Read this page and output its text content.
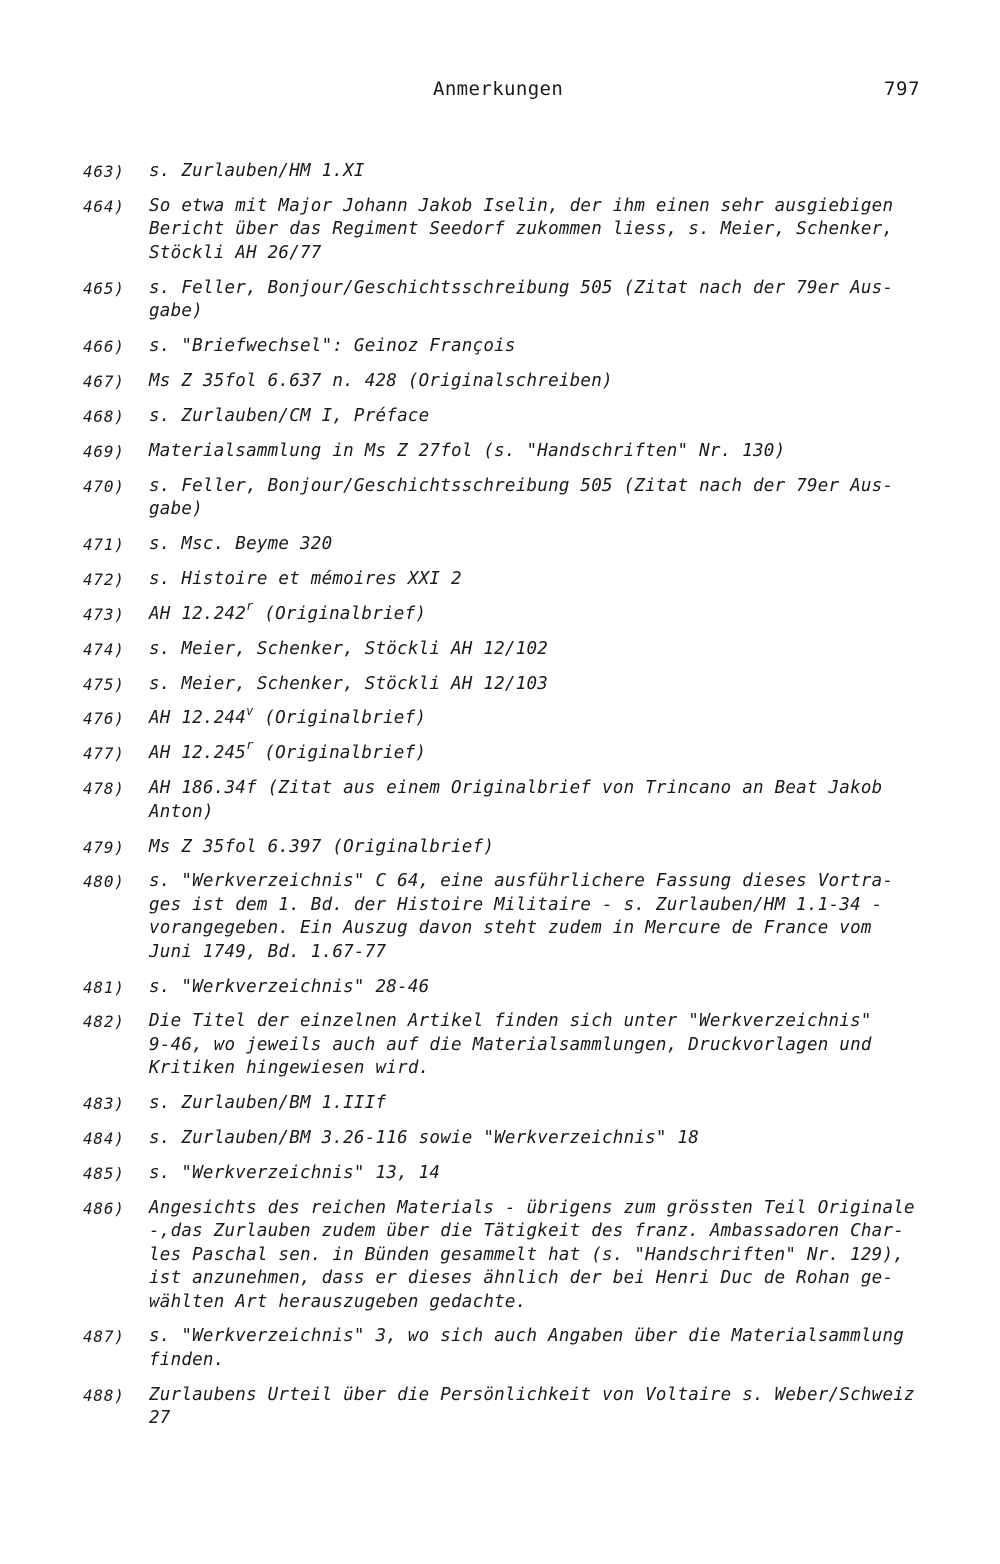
Anmerkungen	797
463)	s. Zurlauben/HM 1.XI
464)	So etwa mit Major Johann Jakob Iselin, der ihm einen sehr ausgiebigen
Bericht über das Regiment Seedorf zukommen liess, s. Meier, Schenker,
Stöckli AH 26/77
465)	s. Feller, Bonjour/Geschichtsschreibung 505 (Zitat nach der 79er Aus-
gabe)
466)	s. "Briefwechsel": Geinoz François
467)	Ms Z 35fol 6.637 n. 428 (Originalschreiben)
468)	s. Zurlauben/CM I, Préface
469)	Materialsammlung in Ms Z 27fol (s. "Handschriften" Nr. 130)
470)	s. Feller, Bonjour/Geschichtsschreibung 505 (Zitat nach der 79er Aus-
gabe)
471)	s. Msc. Beyme 320
472)	s. Histoire et mémoires XXI 2
473)	AH 12.242$^r$ (Originalbrief)
474)	s. Meier, Schenker, Stöckli AH 12/102
475)	s. Meier, Schenker, Stöckli AH 12/103
476)	AH 12.244$^v$ (Originalbrief)
477)	AH 12.245$^r$ (Originalbrief)
478)	AH 186.34f (Zitat aus einem Originalbrief von Trincano an Beat Jakob
Anton)
479)	Ms Z 35fol 6.397 (Originalbrief)
480)	s. "Werkverzeichnis" C 64, eine ausführlichere Fassung dieses Vortra-
ges ist dem 1. Bd. der Histoire Militaire - s. Zurlauben/HM 1.1-34 -
vorangegeben. Ein Auszug davon steht zudem in Mercure de France vom
Juni 1749, Bd. 1.67-77
481)	s. "Werkverzeichnis" 28-46
482)	Die Titel der einzelnen Artikel finden sich unter "Werkverzeichnis"
9-46, wo jeweils auch auf die Materialsammlungen, Druckvorlagen und
Kritiken hingewiesen wird.
483)	s. Zurlauben/BM 1.IIIf
484)	s. Zurlauben/BM 3.26-116 sowie "Werkverzeichnis" 18
485)	s. "Werkverzeichnis" 13, 14
486)	Angesichts des reichen Materials - übrigens zum grössten Teil Originale
-,das Zurlauben zudem über die Tätigkeit des franz. Ambassadoren Char-
les Paschal sen. in Bünden gesammelt hat (s. "Handschriften" Nr. 129),
ist anzunehmen, dass er dieses ähnlich der bei Henri Duc de Rohan ge-
wählten Art herauszugeben gedachte.
487)	s. "Werkverzeichnis" 3, wo sich auch Angaben über die Materialsammlung
finden.
488)	Zurlaubens Urteil über die Persönlichkeit von Voltaire s. Weber/Schweiz
27
